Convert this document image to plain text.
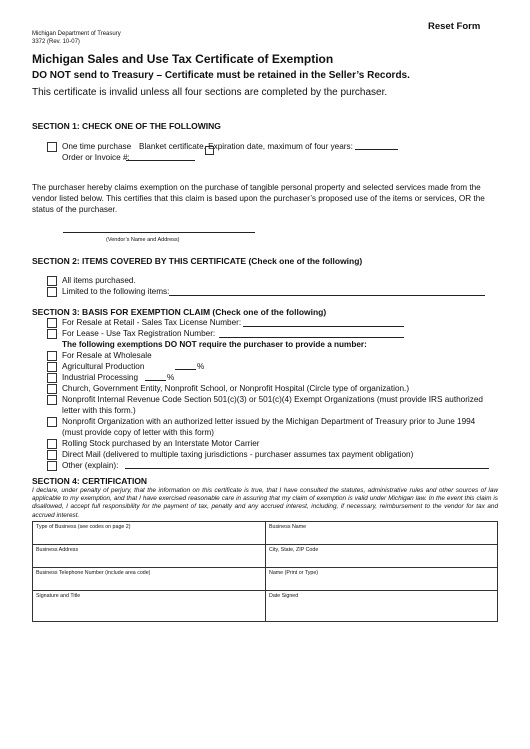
Reset Form
Michigan Department of Treasury
3372 (Rev. 10-07)
Michigan Sales and Use Tax Certificate of Exemption
DO NOT send to Treasury – Certificate must be retained in the Seller’s Records.
This certificate is invalid unless all four sections are completed by the purchaser.
SECTION 1: CHECK ONE OF THE FOLLOWING
One time purchase Blanket certificate. Expiration date, maximum of four years:
Order or Invoice #:
The purchaser hereby claims exemption on the purchase of tangible personal property and selected services made from the vendor listed below. This certifies that this claim is based upon the purchaser’s proposed use of the items or services, OR the status of the purchaser.
(Vendor’s Name and Address)
SECTION 2: ITEMS COVERED BY THIS CERTIFICATE (Check one of the following)
All items purchased.
Limited to the following items:
SECTION 3: BASIS FOR EXEMPTION CLAIM (Check one of the following)
For Resale at Retail - Sales Tax License Number:
For Lease - Use Tax Registration Number:
The following exemptions DO NOT require the purchaser to provide a number:
For Resale at Wholesale
Agricultural Production	%
Industrial Processing	%
Church, Government Entity, Nonprofit School, or Nonprofit Hospital (Circle type of organization.)
Nonprofit Internal Revenue Code Section 501(c)(3) or 501(c)(4) Exempt Organizations (must provide IRS authorized
letter with this form.)
Nonprofit Organization with an authorized letter issued by the Michigan Department of Treasury prior to June 1994
(must provide copy of letter with this form)
Rolling Stock purchased by an Interstate Motor Carrier
Direct Mail (delivered to multiple taxing jurisdictions - purchaser assumes tax payment obligation)
Other (explain):
SECTION 4: CERTIFICATION
I declare, under penalty of perjury, that the information on this certificate is true, that I have consulted the statutes, administrative rules and other sources of law applicable to my exemption, and that I have exercised reasonable care in assuring that my claim of exemption is valid under Michigan law. In the event this claim is disallowed, I accept full responsibility for the payment of tax, penalty and any accrued interest, including, if necessary, reimbursement to the vendor for tax and accrued interest.
Type of Business (see codes on page 2)	Business Name
Business Address	City, State, ZIP Code
Business Telephone Number (include area code)	Name (Print or Type)
Signature and Title	Date Signed
